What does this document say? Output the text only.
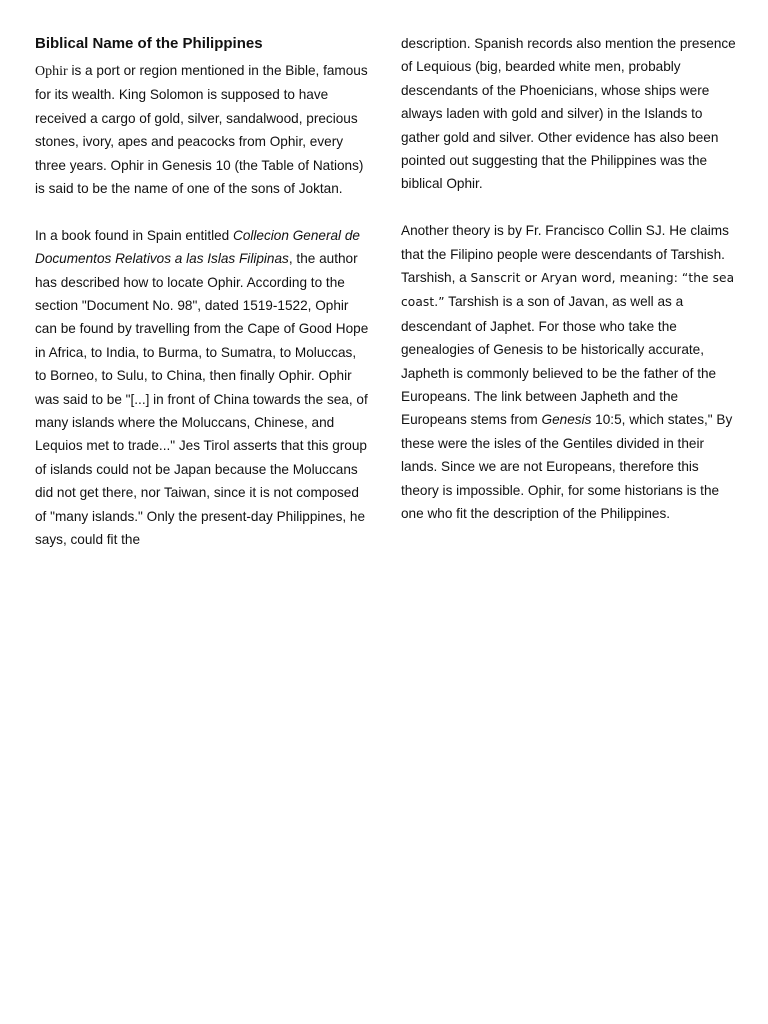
Biblical Name of the Philippines

Ophir is a port or region mentioned in the Bible, famous for its wealth. King Solomon is supposed to have received a cargo of gold, silver, sandalwood, precious stones, ivory, apes and peacocks from Ophir, every three years. Ophir in Genesis 10 (the Table of Nations) is said to be the name of one of the sons of Joktan.

In a book found in Spain entitled Collecion General de Documentos Relativos a las Islas Filipinas, the author has described how to locate Ophir. According to the section "Document No. 98", dated 1519-1522, Ophir can be found by travelling from the Cape of Good Hope in Africa, to India, to Burma, to Sumatra, to Moluccas, to Borneo, to Sulu, to China, then finally Ophir. Ophir was said to be "[...] in front of China towards the sea, of many islands where the Moluccans, Chinese, and Lequios met to trade..." Jes Tirol asserts that this group of islands could not be Japan because the Moluccans did not get there, nor Taiwan, since it is not composed of "many islands." Only the present-day Philippines, he says, could fit the

description. Spanish records also mention the presence of Lequious (big, bearded white men, probably descendants of the Phoenicians, whose ships were always laden with gold and silver) in the Islands to gather gold and silver. Other evidence has also been pointed out suggesting that the Philippines was the biblical Ophir.

Another theory is by Fr. Francisco Collin SJ. He claims that the Filipino people were descendants of Tarshish. Tarshish, a Sanscrit or Aryan word, meaning: “the sea coast.” Tarshish is a son of Javan, as well as a descendant of Japhet. For those who take the genealogies of Genesis to be historically accurate, Japheth is commonly believed to be the father of the Europeans. The link between Japheth and the Europeans stems from Genesis 10:5, which states," By these were the isles of the Gentiles divided in their lands. Since we are not Europeans, therefore this theory is impossible. Ophir, for some historians is the one who fit the description of the Philippines.
